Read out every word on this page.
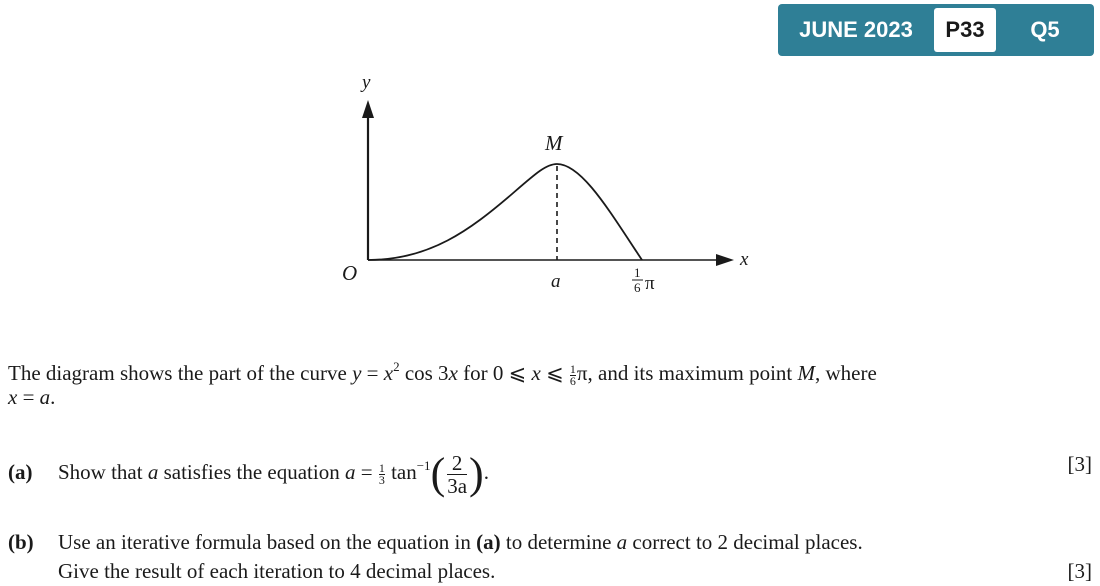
JUNE 2023	P33	Q5
y
x
O
M
a	1
6 π
The diagram shows the part of the curve $y = x^2$ cos 3x for 0 ⩽ x ⩽ $\frac{1}{6} \pi$, and its maximum point M, where
x = a.
(a) Show that a satisfies the equation $a = \frac{1}{3} \tan^{-1}( \frac{2}{3a}$ ).	[3]
(b) Use an iterative formula based on the equation in (a) to determine a correct to 2 decimal places.
Give the result of each iteration to 4 decimal places.	[3]
